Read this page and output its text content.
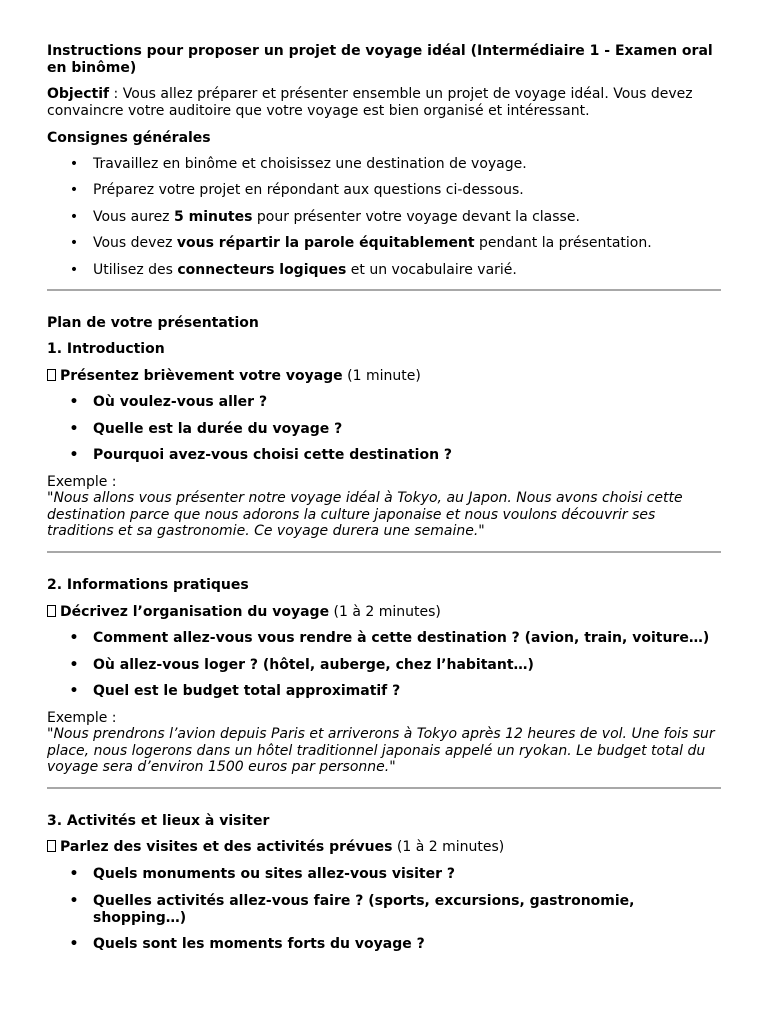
Instructions pour proposer un projet de voyage idéal (Intermédiaire 1 - Examen oral en binôme)
Objectif : Vous allez préparer et présenter ensemble un projet de voyage idéal. Vous devez convaincre votre auditoire que votre voyage est bien organisé et intéressant.
Consignes générales
• Travaillez en binôme et choisissez une destination de voyage.
• Préparez votre projet en répondant aux questions ci-dessous.
• Vous aurez 5 minutes pour présenter votre voyage devant la classe.
• Vous devez vous répartir la parole équitablement pendant la présentation.
• Utilisez des connecteurs logiques et un vocabulaire varié.
Plan de votre présentation
1. Introduction
Présentez brièvement votre voyage (1 minute)
• Où voulez-vous aller ?
• Quelle est la durée du voyage ?
• Pourquoi avez-vous choisi cette destination ?
Exemple :
"Nous allons vous présenter notre voyage idéal à Tokyo, au Japon. Nous avons choisi cette destination parce que nous adorons la culture japonaise et nous voulons découvrir ses traditions et sa gastronomie. Ce voyage durera une semaine."
2. Informations pratiques
Décrivez l’organisation du voyage (1 à 2 minutes)
• Comment allez-vous vous rendre à cette destination ? (avion, train, voiture…)
• Où allez-vous loger ? (hôtel, auberge, chez l’habitant…)
• Quel est le budget total approximatif ?
Exemple :
"Nous prendrons l’avion depuis Paris et arriverons à Tokyo après 12 heures de vol. Une fois sur place, nous logerons dans un hôtel traditionnel japonais appelé un ryokan. Le budget total du voyage sera d’environ 1500 euros par personne."
3. Activités et lieux à visiter
Parlez des visites et des activités prévues (1 à 2 minutes)
• Quels monuments ou sites allez-vous visiter ?
• Quelles activités allez-vous faire ? (sports, excursions, gastronomie, shopping…)
• Quels sont les moments forts du voyage ?
